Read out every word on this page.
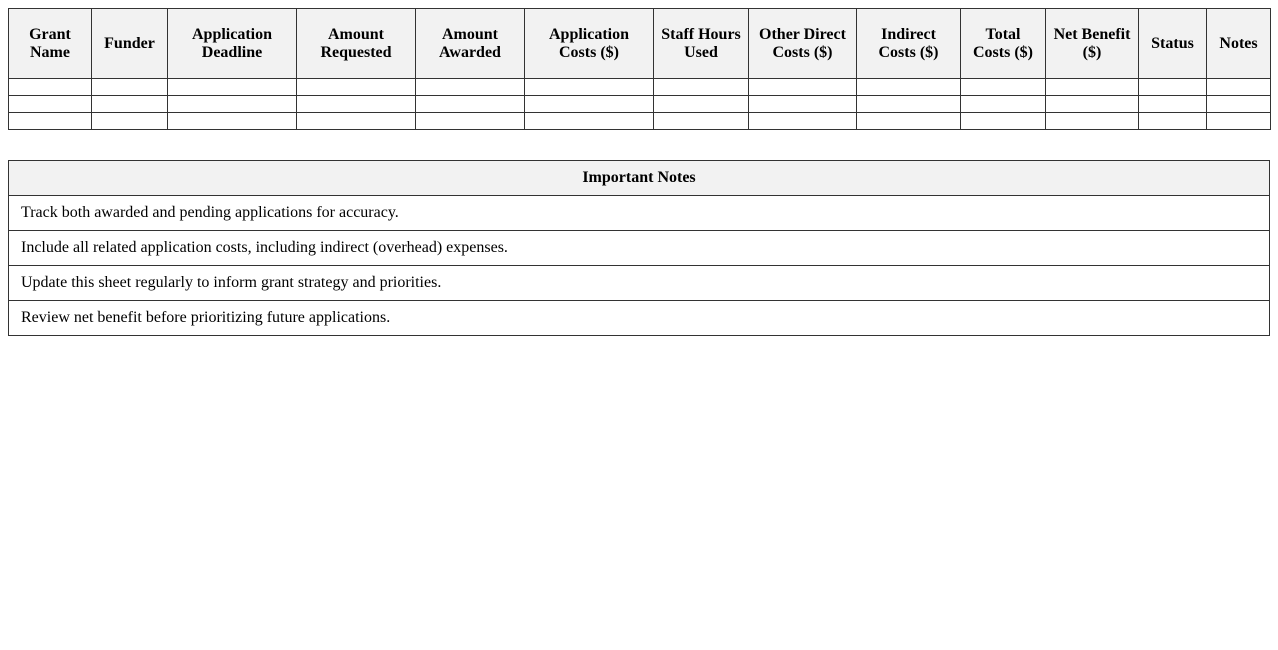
Grant Name	Funder	Application Deadline	Amount Requested	Amount Awarded	Application Costs ($)	Staff Hours Used	Other Direct Costs ($)	Indirect Costs ($)	Total Costs ($)	Net Benefit ($)	Status	Notes

Important Notes
Track both awarded and pending applications for accuracy.
Include all related application costs, including indirect (overhead) expenses.
Update this sheet regularly to inform grant strategy and priorities.
Review net benefit before prioritizing future applications.
